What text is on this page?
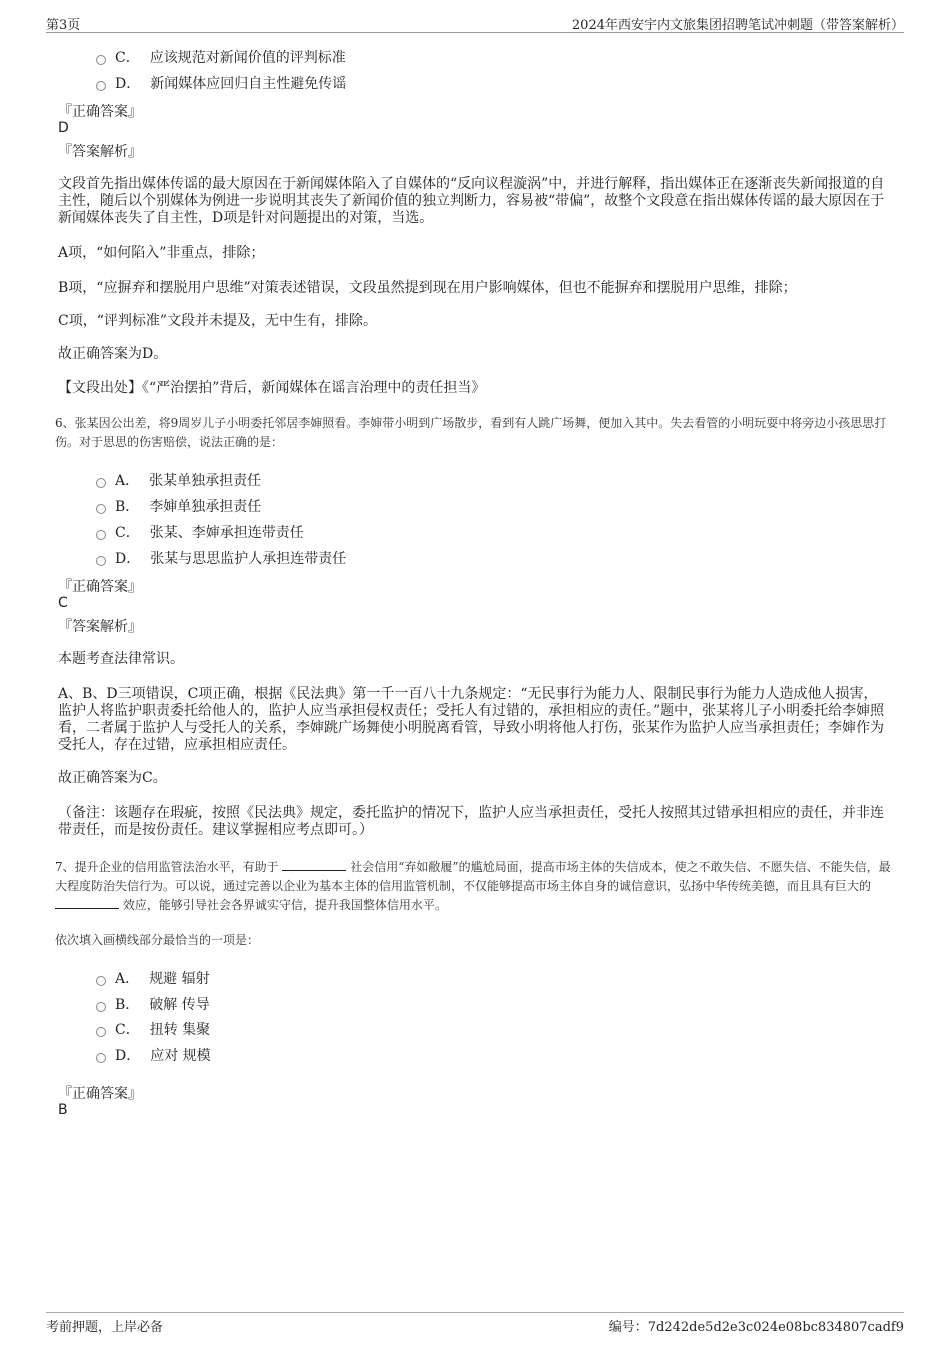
第3页	2024年西安宇内文旅集团招聘笔试冲刺题（带答案解析）
C． 应该规范对新闻价值的评判标准
D． 新闻媒体应回归自主性避免传谣
『正确答案』
D
『答案解析』
文段首先指出媒体传谣的最大原因在于新闻媒体陷入了自媒体的“反向议程漩涡”中，并进行解释，指出媒体正在逐渐丧失新闻报道的自主性，随后以个别媒体为例进一步说明其丧失了新闻价值的独立判断力，容易被“带偏”，故整个文段意在指出媒体传谣的最大原因在于新闻媒体丧失了自主性，D项是针对问题提出的对策，当选。
A项，“如何陷入”非重点，排除；
B项，“应摒弃和摆脱用户思维”对策表述错误，文段虽然提到现在用户影响媒体，但也不能摒弃和摆脱用户思维，排除；
C项，“评判标准”文段并未提及，无中生有，排除。
故正确答案为D。
【文段出处】《“严治摆拍”背后，新闻媒体在谣言治理中的责任担当》
6、张某因公出差，将9周岁儿子小明委托邻居李婶照看。李婶带小明到广场散步，看到有人跳广场舞，便加入其中。失去看管的小明玩耍中将旁边小孩思思打伤。对于思思的伤害赔偿，说法正确的是：
A． 张某单独承担责任
B． 李婶单独承担责任
C． 张某、李婶承担连带责任
D． 张某与思思监护人承担连带责任
『正确答案』
C
『答案解析』
本题考查法律常识。
A、B、D三项错误，C项正确，根据《民法典》第一千一百八十九条规定：“无民事行为能力人、限制民事行为能力人造成他人损害，监护人将监护职责委托给他人的，监护人应当承担侵权责任；受托人有过错的，承担相应的责任。”题中，张某将儿子小明委托给李婶照看，二者属于监护人与受托人的关系，李婶跳广场舞使小明脱离看管，导致小明将他人打伤，张某作为监护人应当承担责任；李婶作为受托人，存在过错，应承担相应责任。
故正确答案为C。
（备注：该题存在瑕疵，按照《民法典》规定，委托监护的情况下，监护人应当承担责任，受托人按照其过错承担相应的责任，并非连带责任，而是按份责任。建议掌握相应考点即可。）
7、提升企业的信用监管法治水平，有助于	社会信用“弃如敝履”的尴尬局面，提高市场主体的失信成本，使之不敢失信、不愿失信、不能失信，最大程度防治失信行为。可以说，通过完善以企业为基本主体的信用监管机制，不仅能够提高市场主体自身的诚信意识，弘扬中华传统美德，而且具有巨大的  效应，能够引导社会各界诚实守信，提升我国整体信用水平。
依次填入画横线部分最恰当的一项是：
A． 规避 辐射
B． 破解 传导
C． 扭转 集聚
D． 应对 规模
『正确答案』
B
考前押题，上岸必备	编号：7d242de5d2e3c024e08bc834807cadf9
